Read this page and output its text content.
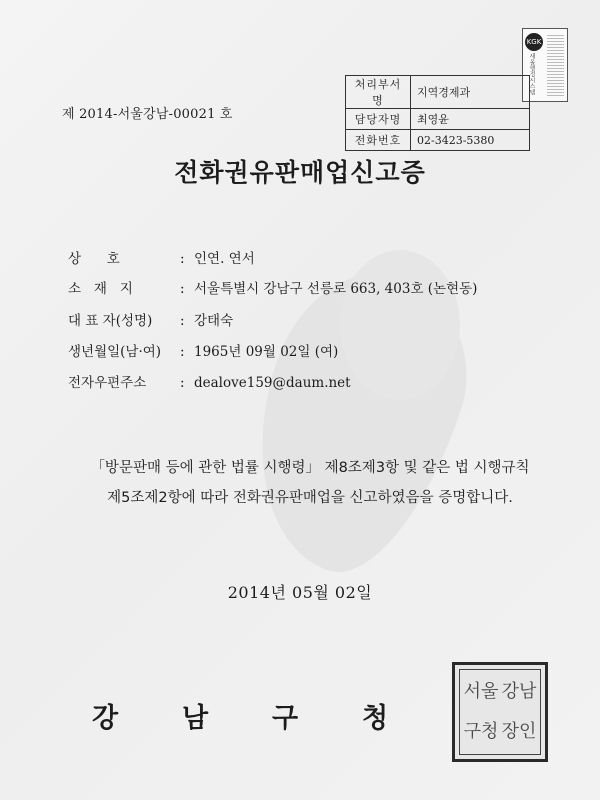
KGK
새올행정시스템
제 2014-서울강남-00021 호
처리부서명	지역경제과
담당자명	최영윤
전화번호	02-3423-5380
전화권유판매업신고증
상      호	: 인연. 연서
소   재   지	: 서울특별시 강남구 선릉로 663, 403호 (논현동)
대 표 자(성명) : 강태숙
생년월일(남·여) : 1965년 09월 02일 (여)
전자우편주소	: dealove159@daum.net
「방문판매 등에 관한 법률 시행령」 제8조제3항 및 같은 법 시행규칙
제5조제2항에 따라 전화권유판매업을 신고하였음을 증명합니다.
2014년 05월 02일
강 남 구 청
서울 강남
구청 장인
